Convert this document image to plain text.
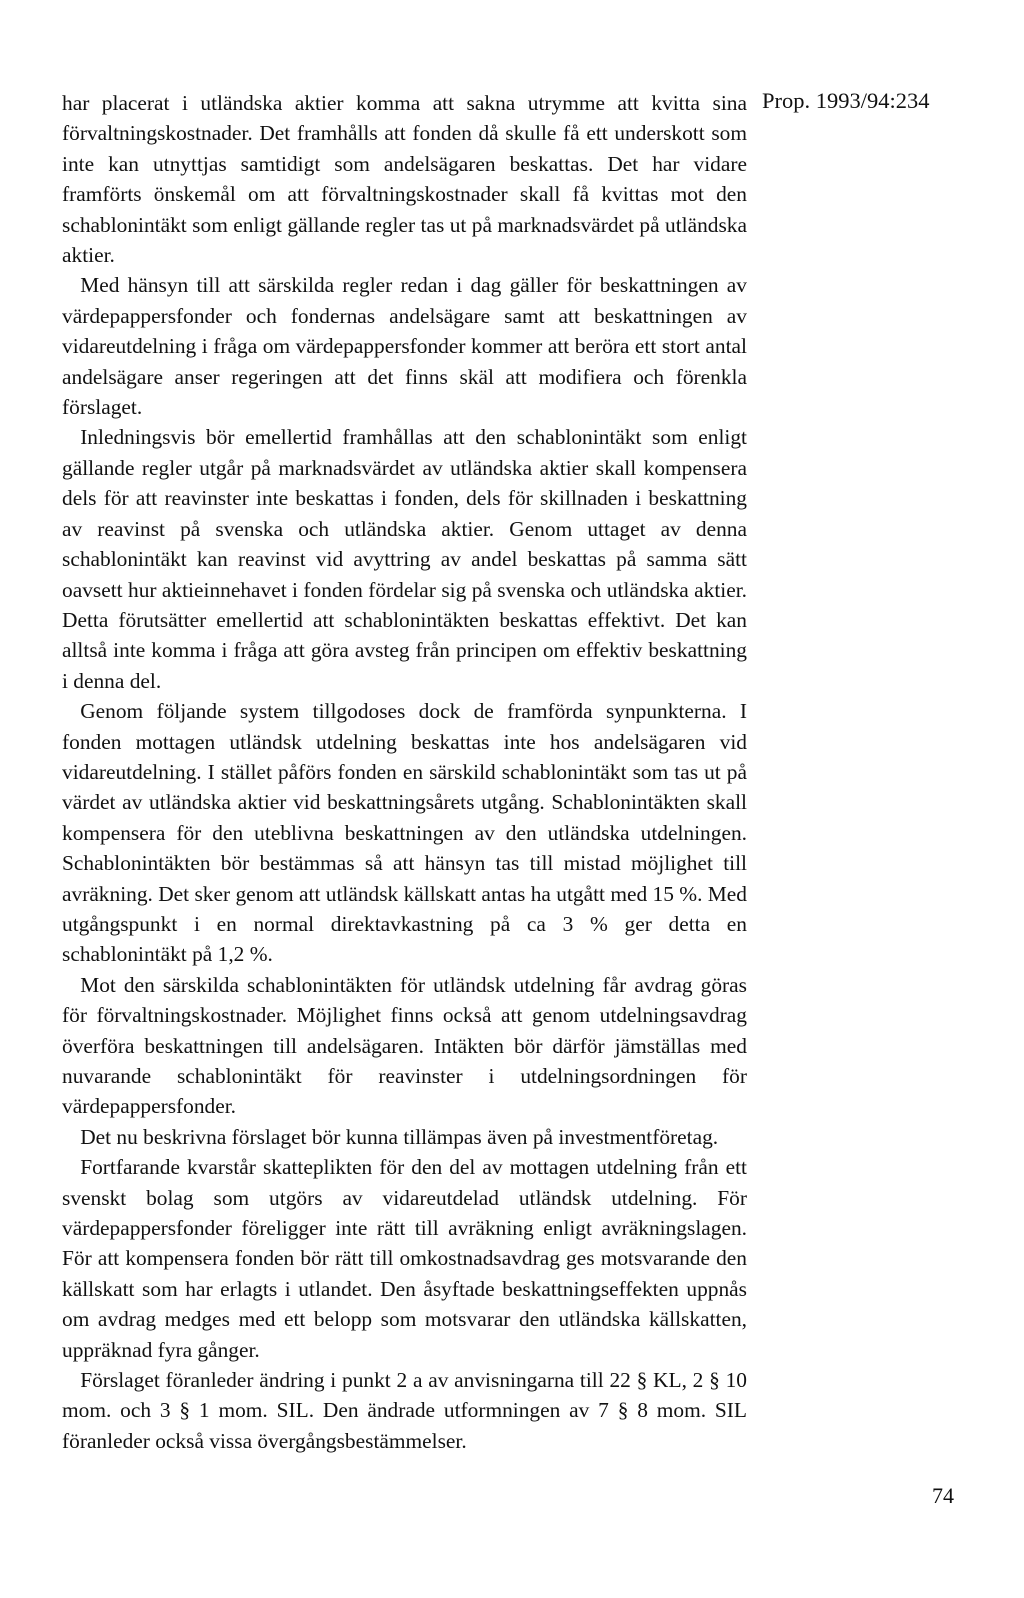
Prop. 1993/94:234

har placerat i utländska aktier komma att sakna utrymme att kvitta sina förvaltningskostnader. Det framhålls att fonden då skulle få ett underskott som inte kan utnyttjas samtidigt som andelsägaren beskattas. Det har vidare framförts önskemål om att förvaltningskostnader skall få kvittas mot den schablonintäkt som enligt gällande regler tas ut på marknadsvärdet på utländska aktier.

Med hänsyn till att särskilda regler redan i dag gäller för beskattningen av värdepappersfonder och fondernas andelsägare samt att beskattningen av vidareutdelning i fråga om värdepappersfonder kommer att beröra ett stort antal andelsägare anser regeringen att det finns skäl att modifiera och förenkla förslaget.

Inledningsvis bör emellertid framhållas att den schablonintäkt som enligt gällande regler utgår på marknadsvärdet av utländska aktier skall kompensera dels för att reavinster inte beskattas i fonden, dels för skillnaden i beskattning av reavinst på svenska och utländska aktier. Genom uttaget av denna schablonintäkt kan reavinst vid avyttring av andel beskattas på samma sätt oavsett hur aktieinnehavet i fonden fördelar sig på svenska och utländska aktier. Detta förutsätter emellertid att schablonintäkten beskattas effektivt. Det kan alltså inte komma i fråga att göra avsteg från principen om effektiv beskattning i denna del.

Genom följande system tillgodoses dock de framförda synpunkterna. I fonden mottagen utländsk utdelning beskattas inte hos andelsägaren vid vidareutdelning. I stället påförs fonden en särskild schablonintäkt som tas ut på värdet av utländska aktier vid beskattningsårets utgång. Schablonintäkten skall kompensera för den uteblivna beskattningen av den utländska utdelningen. Schablonintäkten bör bestämmas så att hänsyn tas till mistad möjlighet till avräkning. Det sker genom att utländsk källskatt antas ha utgått med 15 %. Med utgångspunkt i en normal direktavkastning på ca 3 % ger detta en schablonintäkt på 1,2 %.

Mot den särskilda schablonintäkten för utländsk utdelning får avdrag göras för förvaltningskostnader. Möjlighet finns också att genom utdelningsavdrag överföra beskattningen till andelsägaren. Intäkten bör därför jämställas med nuvarande schablonintäkt för reavinster i utdelningsordningen för värdepappersfonder.

Det nu beskrivna förslaget bör kunna tillämpas även på investmentföretag.

Fortfarande kvarstår skatteplikten för den del av mottagen utdelning från ett svenskt bolag som utgörs av vidareutdelad utländsk utdelning. För värdepappersfonder föreligger inte rätt till avräkning enligt avräkningslagen. För att kompensera fonden bör rätt till omkostnadsavdrag ges motsvarande den källskatt som har erlagts i utlandet. Den åsyftade beskattningseffekten uppnås om avdrag medges med ett belopp som motsvarar den utländska källskatten, uppräknad fyra gånger.

Förslaget föranleder ändring i punkt 2 a av anvisningarna till 22 § KL, 2 § 10 mom. och 3 § 1 mom. SIL. Den ändrade utformningen av 7 § 8 mom. SIL föranleder också vissa övergångsbestämmelser.

74
